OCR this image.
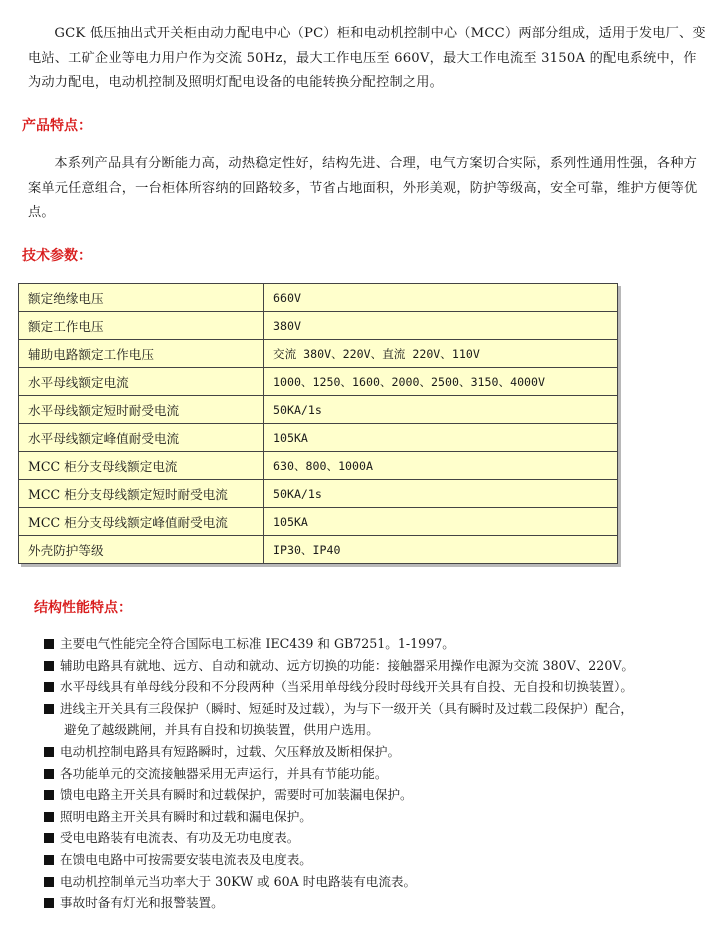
GCK 低压抽出式开关柜由动力配电中心（PC）柜和电动机控制中心（MCC）两部分组成，适用于发电厂、变电站、工矿企业等电力用户作为交流 50Hz，最大工作电压至 660V，最大工作电流至 3150A 的配电系统中，作为动力配电，电动机控制及照明灯配电设备的电能转换分配控制之用。

产品特点：

本系列产品具有分断能力高，动热稳定性好，结构先进、合理，电气方案切合实际，系列性通用性强，各种方案单元任意组合，一台柜体所容纳的回路较多，节省占地面积，外形美观，防护等级高，安全可靠，维护方便等优点。

技术参数：
额定绝缘电压	660V
额定工作电压	380V
辅助电路额定工作电压	交流 380V、220V、直流 220V、110V
水平母线额定电流	1000、1250、1600、2000、2500、3150、4000V
水平母线额定短时耐受电流	50KA/1s
水平母线额定峰值耐受电流	105KA
MCC 柜分支母线额定电流	630、800、1000A
MCC 柜分支母线额定短时耐受电流	50KA/1s
MCC 柜分支母线额定峰值耐受电流	105KA
外壳防护等级	IP30、IP40
结构性能特点：
主要电气性能完全符合国际电工标准 IEC439 和 GB7251。1-1997。
辅助电路具有就地、远方、自动和就动、远方切换的功能：接触器采用操作电源为交流 380V、220V。
水平母线具有单母线分段和不分段两种（当采用单母线分段时母线开关具有自投、无自投和切换装置）。
进线主开关具有三段保护（瞬时、短延时及过载），为与下一级开关（具有瞬时及过载二段保护）配合，
避免了越级跳闸，并具有自投和切换装置，供用户选用。
电动机控制电路具有短路瞬时，过载、欠压释放及断相保护。
各功能单元的交流接触器采用无声运行，并具有节能功能。
馈电电路主开关具有瞬时和过载保护，需要时可加装漏电保护。
照明电路主开关具有瞬时和过载和漏电保护。
受电电路装有电流表、有功及无功电度表。
在馈电电路中可按需要安装电流表及电度表。
电动机控制单元当功率大于 30KW 或 60A 时电路装有电流表。
事故时备有灯光和报警装置。
